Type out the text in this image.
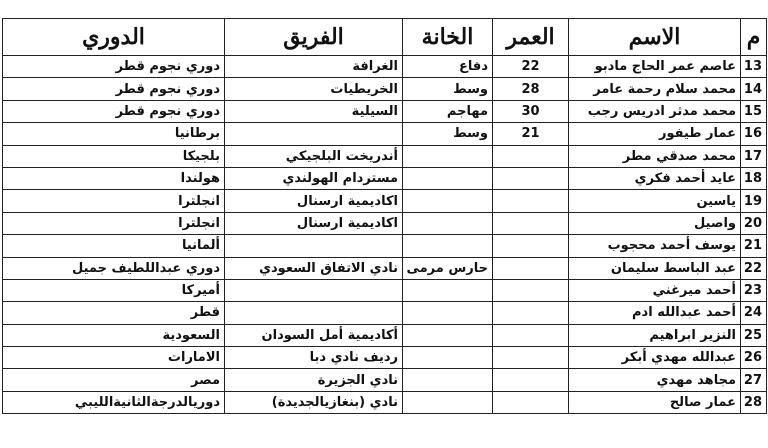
م	الاسم	العمر	الخانة	الفريق	الدوري
13	عاصم عمر الحاج مادبو	22	دفاع	الغرافة	دوري نجوم قطر
14	محمد سلام رحمة عامر	28	وسط	الخريطيات	دوري نجوم قطر
15	محمد مدثر ادريس رجب	30	مهاجم	السيلية	دوري نجوم قطر
16	عمار طيفور	21	وسط		برطانيا
17	محمد صدقي مطر			أندريخت البلجيكي	بلجيكا
18	عايد أحمد فكري			مستردام الهولندي	هولندا
19	ياسين			اكاديمية ارسنال	انجلترا
20	واصيل			اكاديمية ارسنال	انجلترا
21	يوسف أحمد محجوب				ألمانيا
22	عبد الباسط سليمان		حارس مرمى	نادي الاتفاق السعودي	دوري عبداللطيف جميل
23	أحمد ميرغني				أميركا
24	أحمد عبدالله ادم				قطر
25	النزير ابراهيم			أكاديمية أمل السودان	السعودية
26	عبدالله مهدي أبكر			رديف نادي دبا	الامارات
27	مجاهد مهدي			نادي الجزيرة	مصر
28	عمار صالح			نادي (بنغازيالجديدة)	دوريالدرجةالثانيةالليبي
